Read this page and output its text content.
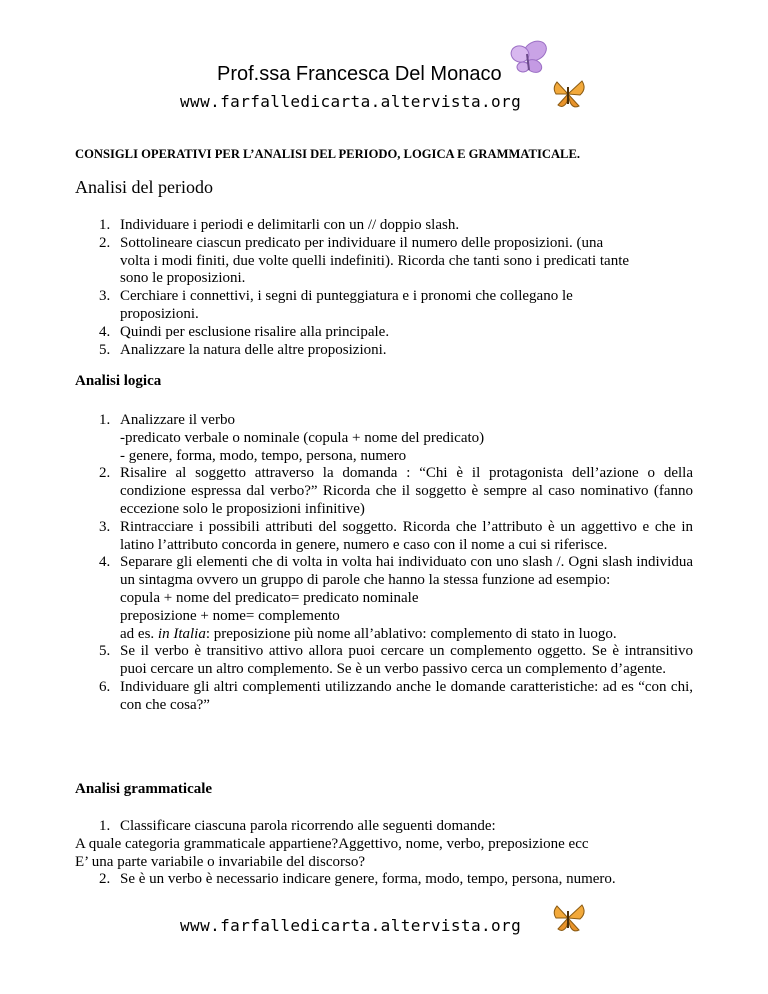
Prof.ssa Francesca Del Monaco
www.farfalledicarta.altervista.org
CONSIGLI OPERATIVI PER L’ANALISI DEL PERIODO, LOGICA E GRAMMATICALE.
Analisi del periodo
1. Individuare i periodi e delimitarli con un // doppio slash.
2. Sottolineare ciascun predicato per individuare il numero delle proposizioni. (una volta i modi finiti, due volte quelli indefiniti). Ricorda che tanti sono i predicati tante sono le proposizioni.
3. Cerchiare i connettivi, i segni di punteggiatura e i pronomi che collegano le proposizioni.
4. Quindi per esclusione risalire alla principale.
5. Analizzare la natura delle altre proposizioni.
Analisi logica
1. Analizzare il verbo
-predicato verbale o nominale (copula + nome del predicato)
- genere, forma, modo, tempo, persona, numero
2. Risalire al soggetto attraverso la domanda : “Chi è il protagonista dell’azione o della condizione espressa dal verbo?” Ricorda che il soggetto è sempre al caso nominativo (fanno eccezione solo le proposizioni infinitive)
3. Rintracciare i possibili attributi del soggetto. Ricorda che l’attributo è un aggettivo e che in latino l’attributo concorda in genere, numero e caso con il nome a cui si riferisce.
4. Separare gli elementi che di volta in volta hai individuato con uno slash /. Ogni slash individua un sintagma ovvero un gruppo di parole che hanno la stessa funzione ad esempio:
copula + nome del predicato= predicato nominale
preposizione + nome= complemento
ad es. in Italia: preposizione più nome all’ablativo: complemento di stato in luogo.
5. Se il verbo è transitivo attivo allora puoi cercare un complemento oggetto. Se è intransitivo puoi cercare un altro complemento. Se è un verbo passivo cerca un complemento d’agente.
6. Individuare gli altri complementi utilizzando anche le domande caratteristiche: ad es “con chi, con che cosa?”
Analisi grammaticale
1. Classificare ciascuna parola ricorrendo alle seguenti domande:
A quale categoria grammaticale appartiene?Aggettivo, nome, verbo, preposizione ecc
E’ una parte variabile o invariabile del discorso?
2. Se è un verbo è necessario indicare genere, forma, modo, tempo, persona, numero.
www.farfalledicarta.altervista.org
